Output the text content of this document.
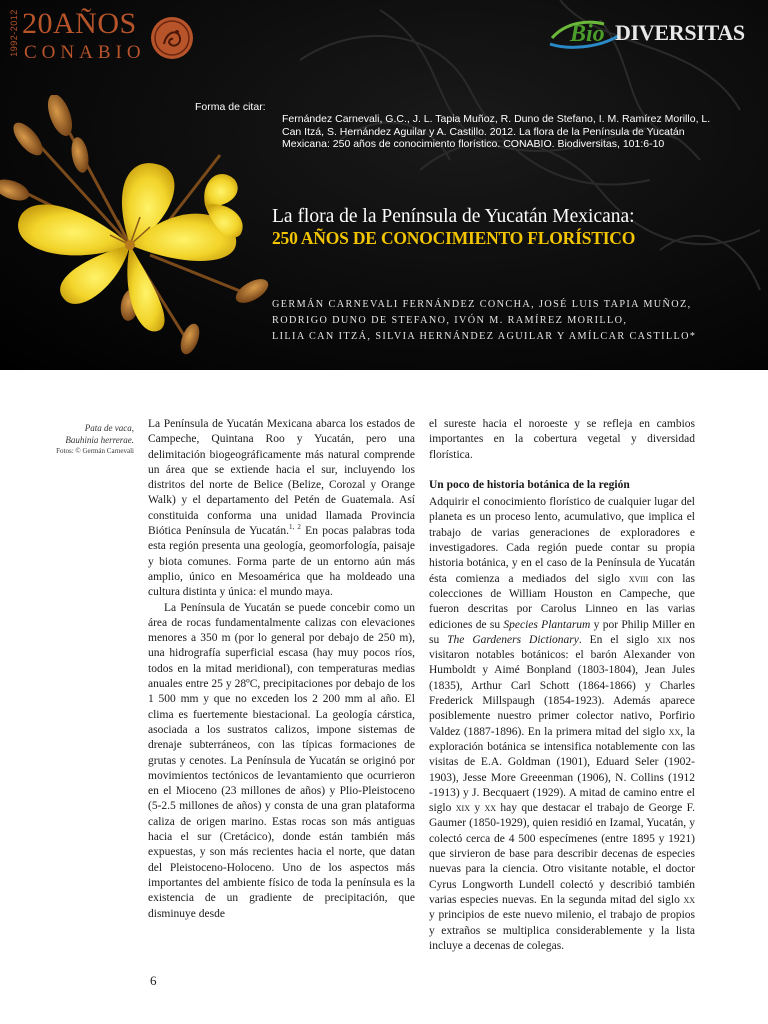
1992-2012 20AÑOS
CONABIO
Bio DIVERSITAS
Forma de citar:
Fernández Carnevali, G.C., J. L. Tapia Muñoz, R. Duno de Stefano, I. M. Ramírez Morillo, L. Can Itzá, S. Hernández Aguilar y A. Castillo. 2012. La flora de la Península de Yucatán Mexicana: 250 años de conocimiento florístico. CONABIO. Biodiversitas, 101:6-10
La flora de la Península de Yucatán Mexicana:
250 AÑOS DE CONOCIMIENTO FLORÍSTICO
GERMÁN CARNEVALI FERNÁNDEZ CONCHA, JOSÉ LUIS TAPIA MUÑOZ,
RODRIGO DUNO DE STEFANO, IVÓN M. RAMÍREZ MORILLO,
LILIA CAN ITZÁ, SILVIA HERNÁNDEZ AGUILAR Y AMÍLCAR CASTILLO*
Pata de vaca,
Bauhinia herrerae.
Fotos: © Germán Carnevali

La Península de Yucatán Mexicana abarca los estados de Campeche, Quintana Roo y Yucatán, pero una delimitación biogeográficamente más natural comprende un área que se extiende hacia el sur, incluyendo los distritos del norte de Belice (Belize, Corozal y Orange Walk) y el departamento del Petén de Guatemala. Así constituida conforma una unidad llamada Provincia Biótica Península de Yucatán.$^{1, 2}$ En pocas palabras toda esta región presenta una geología, geomorfología, paisaje y biota comunes. Forma parte de un entorno aún más amplio, único en Mesoamérica que ha moldeado una cultura distinta y única: el mundo maya.

La Península de Yucatán se puede concebir como un área de rocas fundamentalmente calizas con elevaciones menores a 350 m (por lo general por debajo de 250 m), una hidrografía superficial escasa (hay muy pocos ríos, todos en la mitad meridional), con temperaturas medias anuales entre 25 y 28ºC, precipitaciones por debajo de los 1 500 mm y que no exceden los 2 200 mm al año. El clima es fuertemente biestacional. La geología cárstica, asociada a los sustratos calizos, impone sistemas de drenaje subterráneos, con las típicas formaciones de grutas y cenotes. La Península de Yucatán se originó por movimientos tectónicos de levantamiento que ocurrieron en el Mioceno (23 millones de años) y Plio-Pleistoceno (5-2.5 millones de años) y consta de una gran plataforma caliza de origen marino. Estas rocas son más antiguas hacia el sur (Cretácico), donde están también más expuestas, y son más recientes hacia el norte, que datan del Pleistoceno-Holoceno. Uno de los aspectos más importantes del ambiente físico de toda la península es la existencia de un gradiente de precipitación, que disminuye desde

el sureste hacia el noroeste y se refleja en cambios importantes en la cobertura vegetal y diversidad florística.

Un poco de historia botánica de la región

Adquirir el conocimiento florístico de cualquier lugar del planeta es un proceso lento, acumulativo, que implica el trabajo de varias generaciones de exploradores e investigadores. Cada región puede contar su propia historia botánica, y en el caso de la Península de Yucatán ésta comienza a mediados del siglo xviii con las colecciones de William Houston en Campeche, que fueron descritas por Carolus Linneo en las varias ediciones de su Species Plantarum y por Philip Miller en su The Gardeners Dictionary. En el siglo xix nos visitaron notables botánicos: el barón Alexander von Humboldt y Aimé Bonpland (1803-1804), Jean Jules (1835), Arthur Carl Schott (1864-1866) y Charles Frederick Millspaugh (1854-1923). Además aparece posiblemente nuestro primer colector nativo, Porfirio Valdez (1887-1896). En la primera mitad del siglo xx, la exploración botánica se intensifica notablemente con las visitas de E.A. Goldman (1901), Eduard Seler (1902-1903), Jesse More Greeenman (1906), N. Collins (1912 -1913) y J. Becquaert (1929). A mitad de camino entre el siglo xix y xx hay que destacar el trabajo de George F. Gaumer (1850-1929), quien residió en Izamal, Yucatán, y colectó cerca de 4 500 especímenes (entre 1895 y 1921) que sirvieron de base para describir decenas de especies nuevas para la ciencia. Otro visitante notable, el doctor Cyrus Longworth Lundell colectó y describió también varias especies nuevas. En la segunda mitad del siglo xx y principios de este nuevo milenio, el trabajo de propios y extraños se multiplica considerablemente y la lista incluye a decenas de colegas.

6
